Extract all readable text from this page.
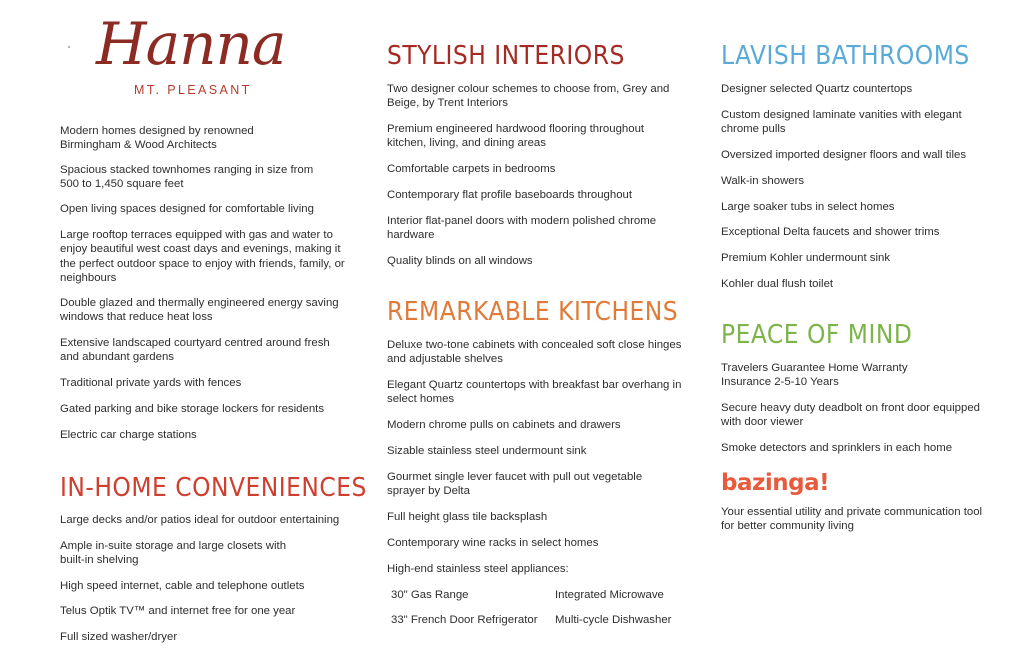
Hanna
MT. PLEASANT
Modern homes designed by renowned Birmingham & Wood Architects
Spacious stacked townhomes ranging in size from 500 to 1,450 square feet
Open living spaces designed for comfortable living
Large rooftop terraces equipped with gas and water to enjoy beautiful west coast days and evenings, making it the perfect outdoor space to enjoy with friends, family, or neighbours
Double glazed and thermally engineered energy saving windows that reduce heat loss
Extensive landscaped courtyard centred around fresh and abundant gardens
Traditional private yards with fences
Gated parking and bike storage lockers for residents
Electric car charge stations
IN-HOME CONVENIENCES
Large decks and/or patios ideal for outdoor entertaining
Ample in-suite storage and large closets with built-in shelving
High speed internet, cable and telephone outlets
Telus Optik TV™ and internet free for one year
Full sized washer/dryer
STYLISH INTERIORS
Two designer colour schemes to choose from, Grey and Beige, by Trent Interiors
Premium engineered hardwood flooring throughout kitchen, living, and dining areas
Comfortable carpets in bedrooms
Contemporary flat profile baseboards throughout
Interior flat-panel doors with modern polished chrome hardware
Quality blinds on all windows
REMARKABLE KITCHENS
Deluxe two-tone cabinets with concealed soft close hinges and adjustable shelves
Elegant Quartz countertops with breakfast bar overhang in select homes
Modern chrome pulls on cabinets and drawers
Sizable stainless steel undermount sink
Gourmet single lever faucet with pull out vegetable sprayer by Delta
Full height glass tile backsplash
Contemporary wine racks in select homes
High-end stainless steel appliances:
30" Gas Range	Integrated Microwave
33" French Door Refrigerator	Multi-cycle Dishwasher
LAVISH BATHROOMS
Designer selected Quartz countertops
Custom designed laminate vanities with elegant chrome pulls
Oversized imported designer floors and wall tiles
Walk-in showers
Large soaker tubs in select homes
Exceptional Delta faucets and shower trims
Premium Kohler undermount sink
Kohler dual flush toilet
PEACE OF MIND
Travelers Guarantee Home Warranty Insurance 2-5-10 Years
Secure heavy duty deadbolt on front door equipped with door viewer
Smoke detectors and sprinklers in each home
bazinga!
Your essential utility and private communication tool for better community living
